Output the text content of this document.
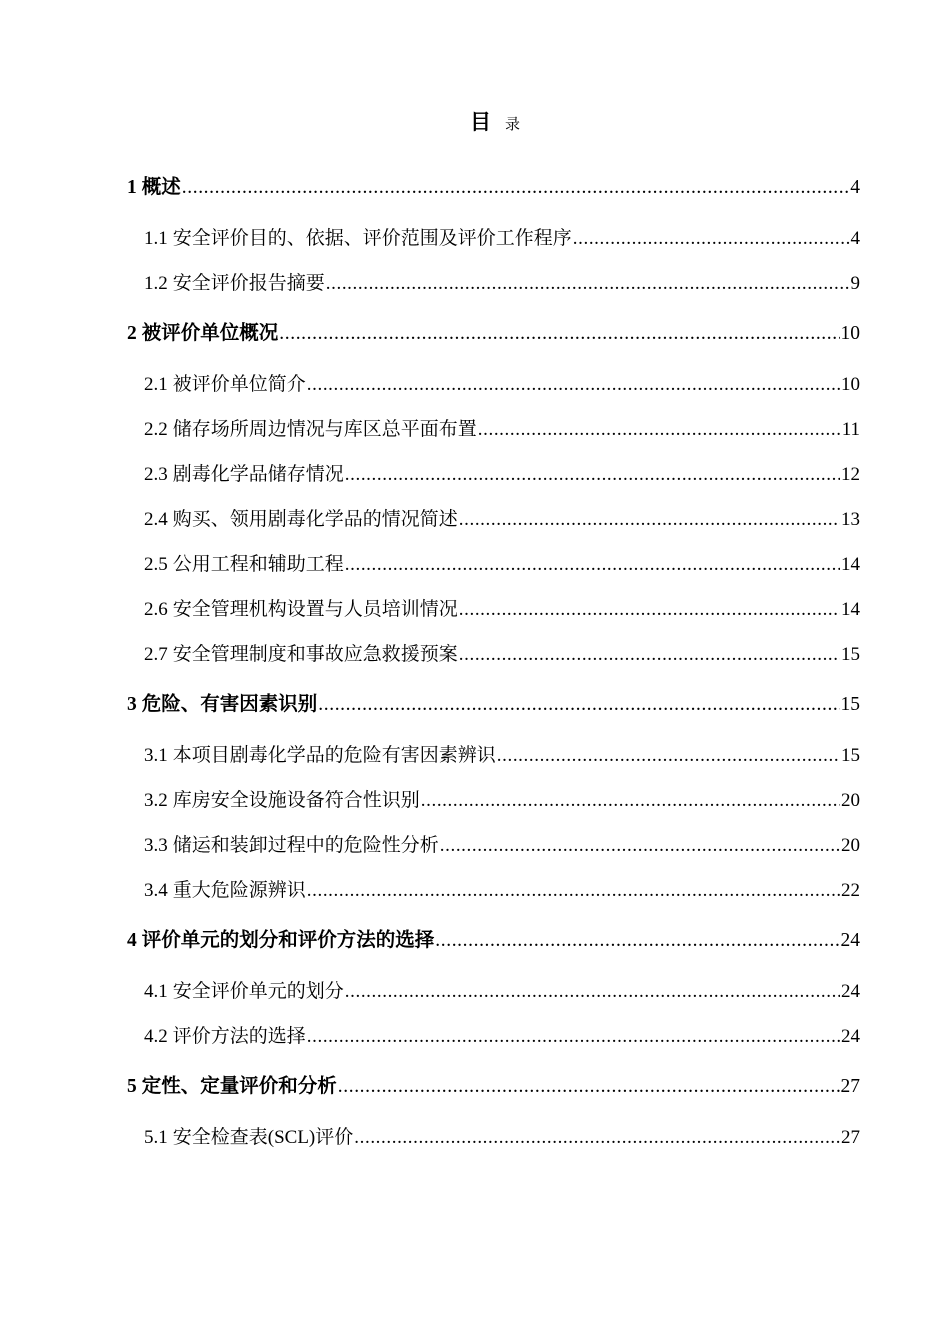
目 录
1 概述 .....	4
1.1 安全评价目的、依据、评价范围及评价工作程序 .....	4
1.2 安全评价报告摘要 .....	9
2 被评价单位概况 .....	10
2.1 被评价单位简介 .....	10
2.2 储存场所周边情况与库区总平面布置 .....	11
2.3 剧毒化学品储存情况 .....	12
2.4 购买、领用剧毒化学品的情况简述 .....	13
2.5 公用工程和辅助工程 .....	14
2.6 安全管理机构设置与人员培训情况 .....	14
2.7 安全管理制度和事故应急救援预案 .....	15
3 危险、有害因素识别 .....	15
3.1 本项目剧毒化学品的危险有害因素辨识 .....	15
3.2 库房安全设施设备符合性识别 .....	20
3.3 储运和装卸过程中的危险性分析 .....	20
3.4 重大危险源辨识 .....	22
4 评价单元的划分和评价方法的选择 .....	24
4.1 安全评价单元的划分 .....	24
4.2 评价方法的选择 .....	24
5 定性、定量评价和分析 .....	27
5.1 安全检查表(SCL)评价 .....	27
